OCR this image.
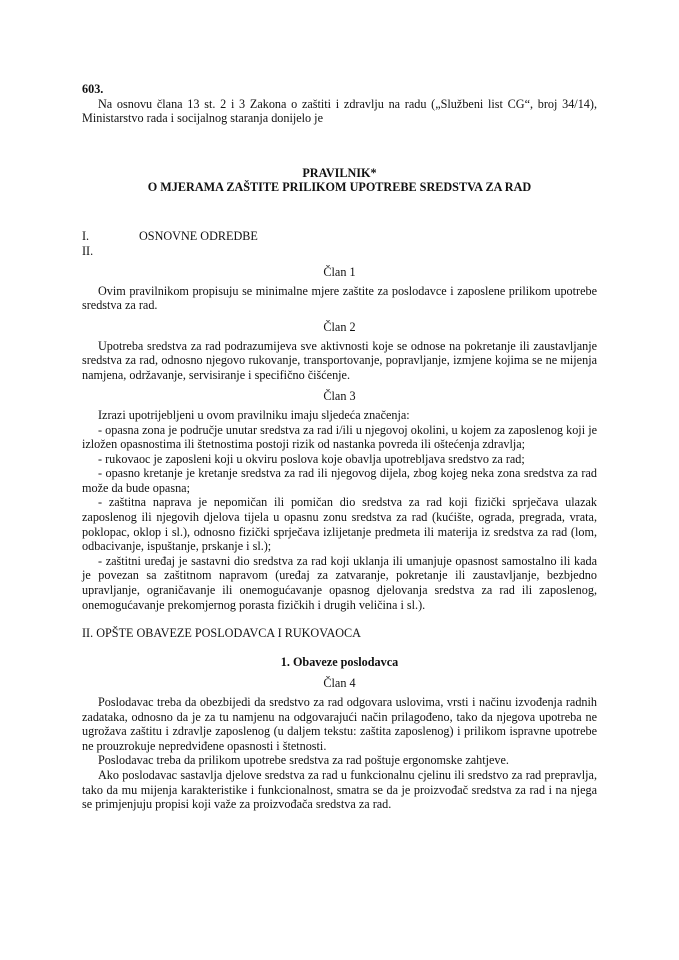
603.

Na osnovu člana 13 st. 2 i 3 Zakona o zaštiti i zdravlju na radu („Službeni list CG“, broj 34/14), Ministarstvo rada i socijalnog staranja donijelo je

PRAVILNIK*

O MJERAMA ZAŠTITE PRILIKOM UPOTREBE SREDSTVA ZA RAD

I.	OSNOVNE ODREDBE
II.

Član 1

Ovim pravilnikom propisuju se minimalne mjere zaštite za poslodavce i zaposlene prilikom upotrebe sredstva za rad.

Član 2

Upotreba sredstva za rad podrazumijeva sve aktivnosti koje se odnose na pokretanje ili zaustavljanje sredstva za rad, odnosno njegovo rukovanje, transportovanje, popravljanje, izmjene kojima se ne mijenja namjena, održavanje, servisiranje i specifično čišćenje.

Član 3

Izrazi upotrijebljeni u ovom pravilniku imaju sljedeća značenja:

- opasna zona je područje unutar sredstva za rad i/ili u njegovoj okolini, u kojem za zaposlenog koji je izložen opasnostima ili štetnostima postoji rizik od nastanka povreda ili oštećenja zdravlja;

- rukovaoc je zaposleni koji u okviru poslova koje obavlja upotrebljava sredstvo za rad;

- opasno kretanje je kretanje sredstva za rad ili njegovog dijela, zbog kojeg neka zona sredstva za rad može da bude opasna;

- zaštitna naprava je nepomičan ili pomičan dio sredstva za rad koji fizički sprječava ulazak zaposlenog ili njegovih djelova tijela u opasnu zonu sredstva za rad (kućište, ograda, pregrada, vrata, poklopac, oklop i sl.), odnosno fizički sprječava izlijetanje predmeta ili materija iz sredstva za rad (lom, odbacivanje, ispuštanje, prskanje i sl.);

- zaštitni uređaj je sastavni dio sredstva za rad koji uklanja ili umanjuje opasnost samostalno ili kada je povezan sa zaštitnom napravom (uređaj za zatvaranje, pokretanje ili zaustavljanje, bezbjedno upravljanje, ograničavanje ili onemogućavanje opasnog djelovanja sredstva za rad ili zaposlenog, onemogućavanje prekomjernog porasta fizičkih i drugih veličina i sl.).

II. OPŠTE OBAVEZE POSLODAVCA I RUKOVAOCA

1. Obaveze poslodavca

Član 4

Poslodavac treba da obezbijedi da sredstvo za rad odgovara uslovima, vrsti i načinu izvođenja radnih zadataka, odnosno da je za tu namjenu na odgovarajući način prilagođeno, tako da njegova upotreba ne ugrožava zaštitu i zdravlje zaposlenog (u daljem tekstu: zaštita zaposlenog) i prilikom ispravne upotrebe ne prouzrokuje nepredviđene opasnosti i štetnosti.

Poslodavac treba da prilikom upotrebe sredstva za rad poštuje ergonomske zahtjeve.

Ako poslodavac sastavlja djelove sredstva za rad u funkcionalnu cjelinu ili sredstvo za rad prepravlja, tako da mu mijenja karakteristike i funkcionalnost, smatra se da je proizvođač sredstva za rad i na njega se primjenjuju propisi koji važe za proizvođača sredstva za rad.
